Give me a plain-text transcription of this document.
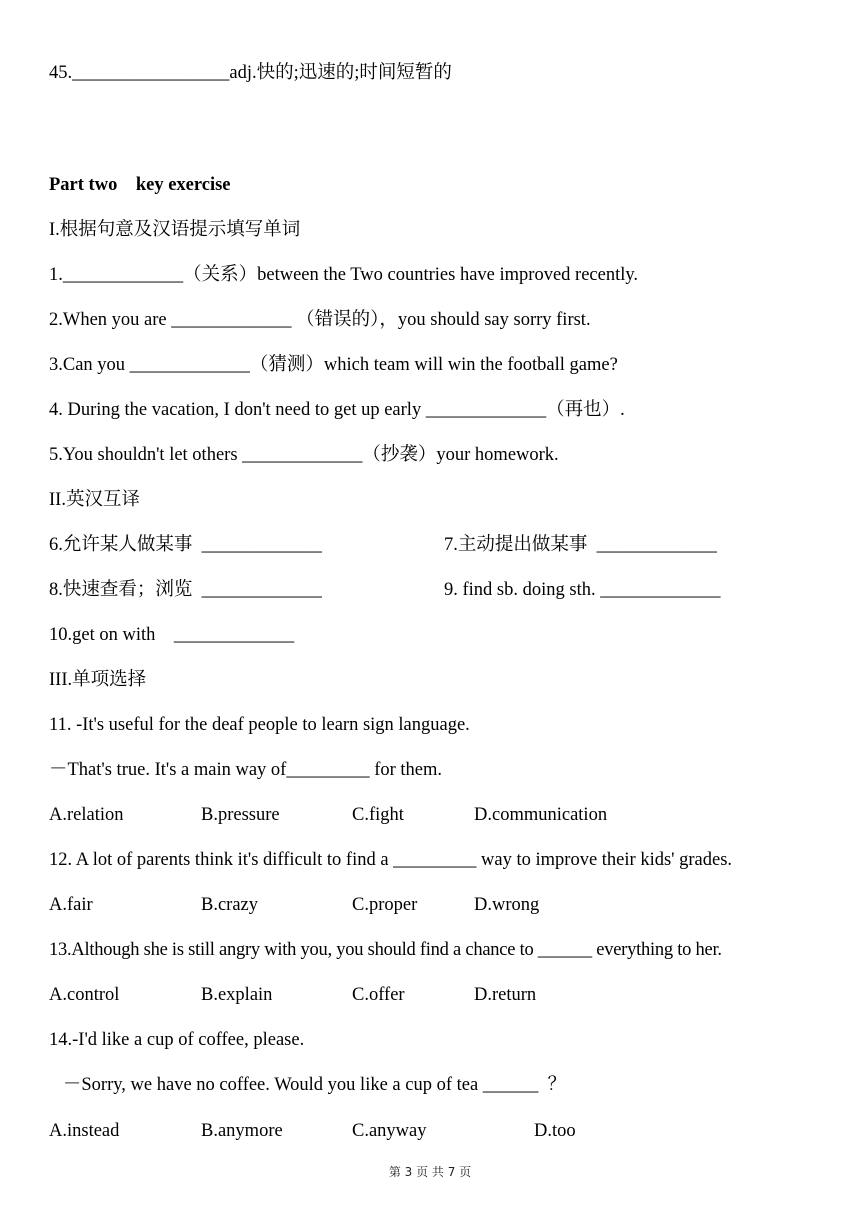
45._________________adj.快的;迅速的;时间短暂的
Part two    key exercise
I.根据句意及汉语提示填写单词
1._____________（关系）between the Two countries have improved recently.
2.When you are _____________ （错误的），you should say sorry first.
3.Can you _____________（猜测）which team will win the football game?
4. During the vacation, I don't need to get up early _____________（再也）.
5.You shouldn't let others _____________（抄袭）your homework.
II.英汉互译
6.允许某人做某事  _____________	7.主动提出做某事  _____________
8.快速查看；浏览  _____________	9. find sb. doing sth. _____________
10.get on with    _____________
III.单项选择
11. -It's useful for the deaf people to learn sign language.
－That's true. It's a main way of_________ for them.
A.relation	B.pressure	C.fight	D.communication
12. A lot of parents think it's difficult to find a _________ way to improve their kids' grades.
A.fair	B.crazy	C.proper	D.wrong
13.Although she is still angry with you, you should find a chance to ______ everything to her.
A.control	B.explain	C.offer	D.return
14.-I'd like a cup of coffee, please.
－Sorry, we have no coffee. Would you like a cup of tea ______  ？
A.instead	B.anymore	C.anyway	D.too
第 3 页 共 7 页
